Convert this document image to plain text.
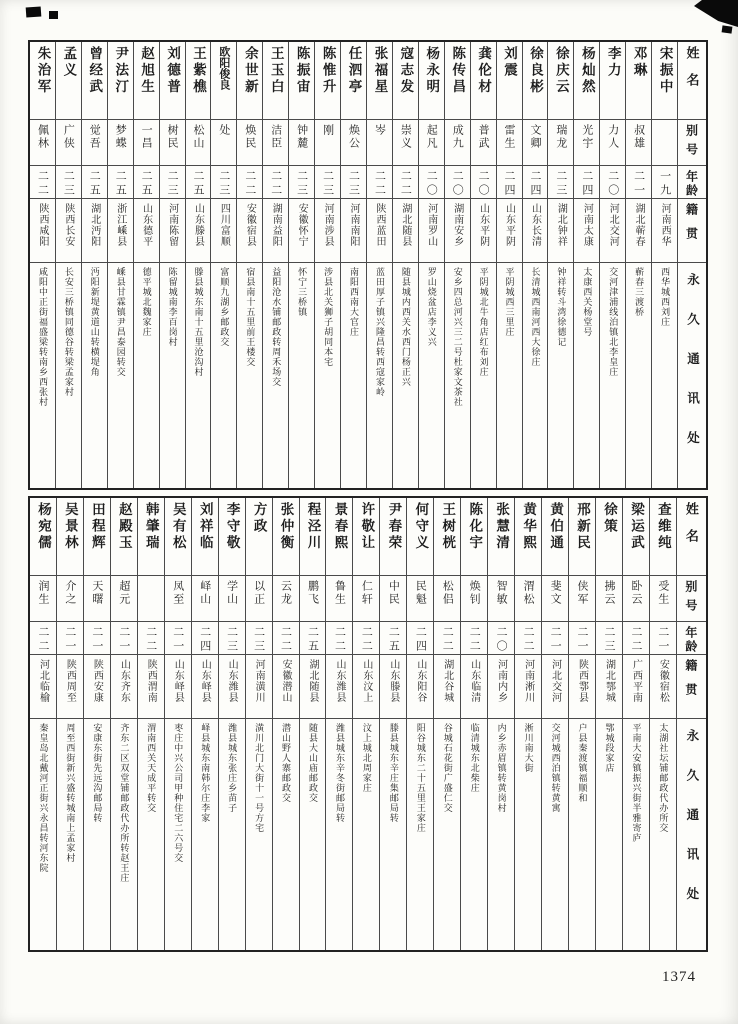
朱治军
佩林
二二
陕西咸阳
咸阳中正街福盛梁转南乡西张村
孟义
广侠
二三
陕西长安
长安三桥镇同德谷转梁孟家村
曾经武
觉吾
二五
湖北沔阳
沔阳新堤黄道山转横堤角
尹法汀
梦蝶
二五
浙江嵊县
嵊县甘霖镇尹昌泰园转交
赵旭生
一昌
二五
山东德平
德平城北魏家庄
刘德普
树民
二三
河南陈留
陈留城南李百岗村
王紫樵
松山
二五
山东滕县
滕县城东南十五里沧沟村
欧阳俊良
处
二三
四川富顺
富顺九湖乡邮政交
余世新
焕民
二二
安徽宿县
宿县南十五里前王楼交
王玉白
洁臣
二二
湖南益阳
益阳沧水铺邮政转周禾场交
陈振宙
钟麓
二三
安徽怀宁
怀宁三桥镇
陈惟升
刚
二三
河南涉县
涉县北关狮子胡同本宅
任泗亭
焕公
二三
河南南阳
南阳西南大官庄
张福星
岑
二二
陕西蓝田
蓝田厚子镇兴隆昌转西寇家岭
寇志发
崇义
二二
湖北随县
随县城内西关水西门杨正兴
杨永明
起凡
二〇
河南罗山
罗山烧盆店李义兴
陈传昌
成九
二〇
湖南安乡
安乡四总河兴三二号杜家文茶社
龚伦材
普武
二〇
山东平阴
平阴城北牛角店红布刘庄
刘震
雷生
二四
山东平阴
平阴城西三里庄
徐良彬
文卿
二四
山东长清
长清城西南河西大徐庄
徐庆云
瑞龙
二三
湖北钟祥
钟祥转斗湾徐德记
杨灿然
光宇
二四
河南太康
太康西关杨堂号
李力
力人
二〇
河北交河
交河津浦线泊镇北李皇庄
邓琳
叔雄
二一
湖北蕲春
蕲春三渡桥
宋振中
一九
河南西华
西华城西刘庄
姓名
别号
年龄
籍贯
永久通讯处
杨宛儒
润生
二二
河北临榆
秦皇岛北戴河正街兴永昌转河东院
吴景林
介之
二一
陕西周至
周至西街新兴盛转城南上孟家村
田程辉
天曙
二一
陕西安康
安康东街先远沟邮局转
赵殿玉
超元
二一
山东齐东
齐东二区双堂铺邮政代办所转赵王庄
韩肇瑞
二二
陕西渭南
渭南西关天成平转交
吴有松
凤至
二一
山东峄县
枣庄中兴公司甲种住宅二六号交
刘祥临
峄山
二四
山东峄县
峄县城东南韩尔庄李家
李守敬
学山
二三
山东潍县
潍县城东张庄乡苗子
方政
以正
二三
河南潢川
潢川北门大街十一号方宅
张仲衡
云龙
二二
安徽潜山
潜山野人寨邮政交
程泾川
鹏飞
二五
湖北随县
随县大山庙邮政交
景春熙
鲁生
二二
山东潍县
潍县城东辛冬街邮局转
许敬让
仁轩
二二
山东汶上
汶上城北周家庄
尹春荣
中民
二五
山东滕县
滕县城东辛庄集邮局转
何守义
民魁
二四
山东阳谷
阳谷城东二十五里王家庄
王树桄
松侣
二二
湖北谷城
谷城石花街广盛仁交
陈化宇
焕钊
二二
山东临清
临清城东北柴庄
张慧清
智敏
二〇
河南内乡
内乡赤眉镇转黄岗村
黄华熙
渭松
二二
河南淅川
淅川南大街
黄伯通
斐文
二一
河北交河
交河城西泊镇转黄寓
邢新民
侠军
二一
陕西鄠县
户县秦渡镇福顺和
徐策
拂云
二三
湖北鄂城
鄂城段家店
梁运武
卧云
二二
广西平南
平南大安镇振兴街半雅寄庐
查维纯
受生
二一
安徽宿松
太湖社坛铺邮政代办所交
姓名
别号
年龄
籍贯
永久通讯处
1374
